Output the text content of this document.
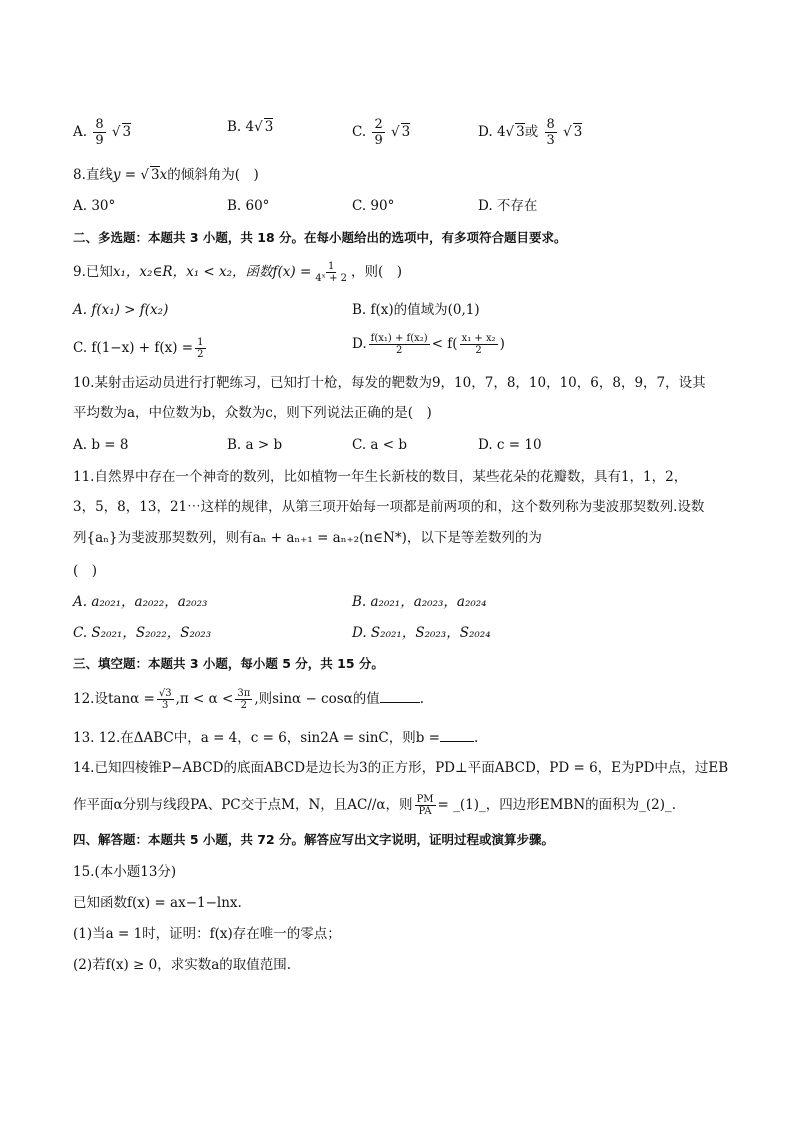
A. $\frac{8}{9}$ √ 3	B. 4√ 3	C. $\frac{2}{9}$ √ 3	D. 4√ 3或 $\frac{8}{3}$ √ 3
8.直线y = √ 3x的倾斜角为(　)
A. 30°	B. 60°	C. 90°	D. 不存在
二、多选题：本题共 3 小题，共 18 分。在每小题给出的选项中，有多项符合题目要求。
9.已知x₁，x₂∈R，x₁ < x₂，函数$f(x) = \frac{1}{\text{4ˣ + 2}}$ ，则(　)
A. f(x₁) > f(x₂)	B. f(x)的值域为(0,1)
C. $f(1-x) + f(x) = \frac{1}{2}$	D. $\frac{\text{f(x₁) + f(x₂)}}{2} < f( \frac{\text{x₁ + x₂}}{2}$ )
10.某射击运动员进行打靶练习，已知打十枪，每发的靶数为9，10，7，8，10，10，6，8，9，7，设其
平均数为a，中位数为b，众数为c，则下列说法正确的是(　)
A. b = 8	B. a > b	C. a < b	D. c = 10
11.自然界中存在一个神奇的数列，比如植物一年生长新枝的数目，某些花朵的花瓣数，具有1，1，2，
3，5，8，13，21⋯这样的规律，从第三项开始每一项都是前两项的和，这个数列称为斐波那契数列.设数
列{aₙ}为斐波那契数列，则有aₙ + aₙ₊₁ = aₙ₊₂(n∈N*)，以下是等差数列的为
(　)
A. a₂₀₂₁，a₂₀₂₂，a₂₀₂₃	B. a₂₀₂₁，a₂₀₂₃，a₂₀₂₄
C. S₂₀₂₁，S₂₀₂₂，S₂₀₂₃	D. S₂₀₂₁，S₂₀₂₃，S₂₀₂₄
三、填空题：本题共 3 小题，每小题 5 分，共 15 分。
12.设$\tan\alpha = \frac{√3}{3} ,\pi < \alpha < \frac{3\pi}{2}$ ,则sinα − cosα的值	.
13. 12.在ΔABC中，a = 4，c = 6，sin2A = sinC，则b =	.
14.已知四棱锥P−ABCD的底面ABCD是边长为3的正方形，PD⊥平面ABCD，PD = 6，E为PD中点，过EB
作平面α分别与线段PA、PC交于点M，N，且AC//α，则 $\frac{PM}{PA}$ = _(1)_，四边形EMBN的面积为_(2)_.
四、解答题：本题共 5 小题，共 72 分。解答应写出文字说明，证明过程或演算步骤。
15.(本小题13分)
已知函数f(x) = ax−1−lnx.
(1)当a = 1时，证明：f(x)存在唯一的零点；
(2)若f(x) ≥ 0，求实数a的取值范围.
